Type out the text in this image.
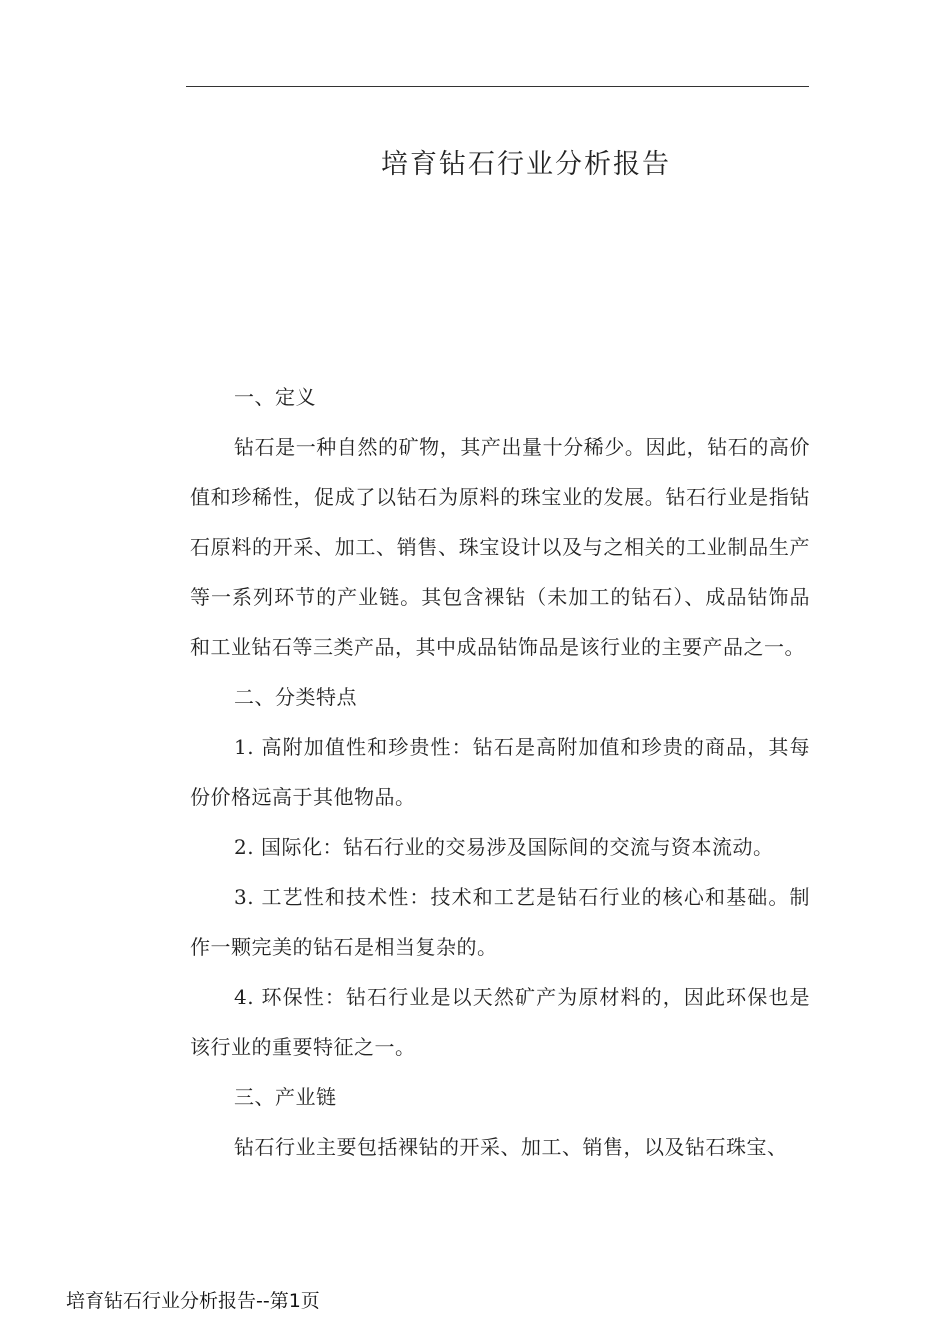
培育钻石行业分析报告

一、定义

钻石是一种自然的矿物，其产出量十分稀少。因此，钻石的高价值和珍稀性，促成了以钻石为原料的珠宝业的发展。钻石行业是指钻石原料的开采、加工、销售、珠宝设计以及与之相关的工业制品生产等一系列环节的产业链。其包含裸钻（未加工的钻石）、成品钻饰品和工业钻石等三类产品，其中成品钻饰品是该行业的主要产品之一。

二、分类特点

1. 高附加值性和珍贵性：钻石是高附加值和珍贵的商品，其每份价格远高于其他物品。

2. 国际化：钻石行业的交易涉及国际间的交流与资本流动。

3. 工艺性和技术性：技术和工艺是钻石行业的核心和基础。制作一颗完美的钻石是相当复杂的。

4. 环保性：钻石行业是以天然矿产为原材料的，因此环保也是该行业的重要特征之一。

三、产业链

钻石行业主要包括裸钻的开采、加工、销售，以及钻石珠宝、

培育钻石行业分析报告--第1页
